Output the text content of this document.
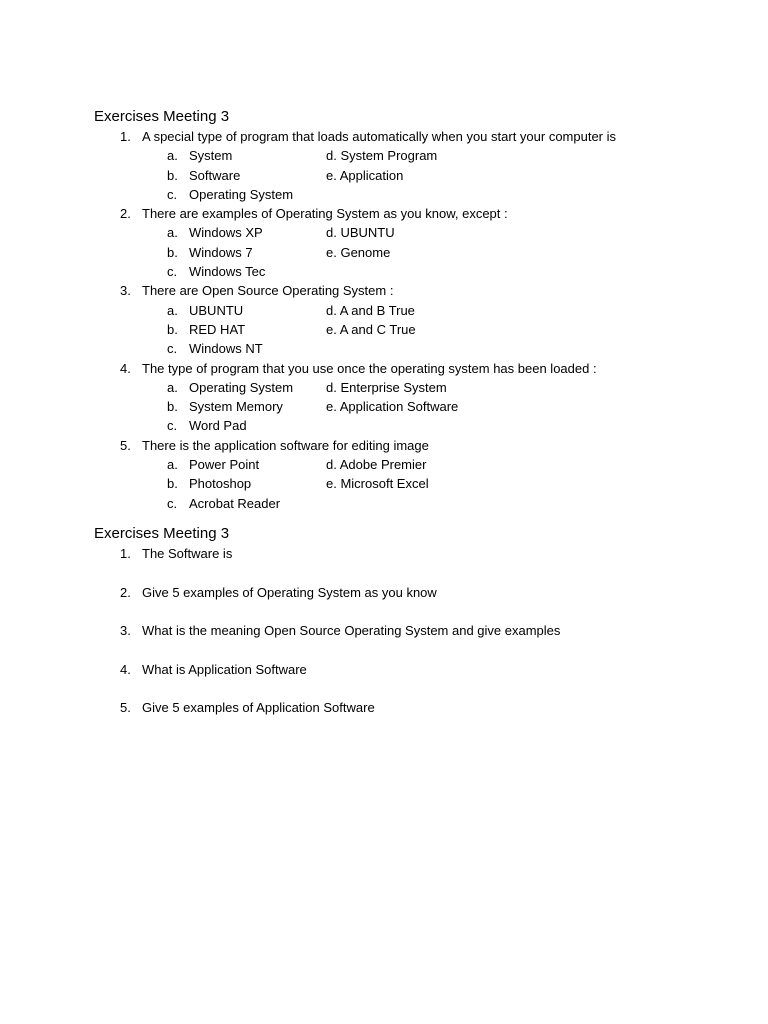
Exercises Meeting 3
1. A special type of program that loads automatically when you start your computer is
a. System	d. System Program
b. Software	e. Application
c. Operating System
2. There are examples of Operating System as you know, except :
a. Windows XP	d. UBUNTU
b. Windows 7	e. Genome
c. Windows Tec
3. There are Open Source Operating System :
a. UBUNTU	d. A and B True
b. RED HAT	e. A and C True
c. Windows NT
4. The type of program that you use once the operating system has been loaded :
a. Operating System	d. Enterprise System
b. System Memory	e. Application Software
c. Word Pad
5. There is the application software for editing image
a. Power Point	d. Adobe Premier
b. Photoshop	e. Microsoft Excel
c. Acrobat Reader
Exercises Meeting 3
1. The Software is
2. Give 5 examples of Operating System as you know
3. What is the meaning Open Source Operating System and give examples
4. What is Application Software
5. Give 5 examples of Application Software
